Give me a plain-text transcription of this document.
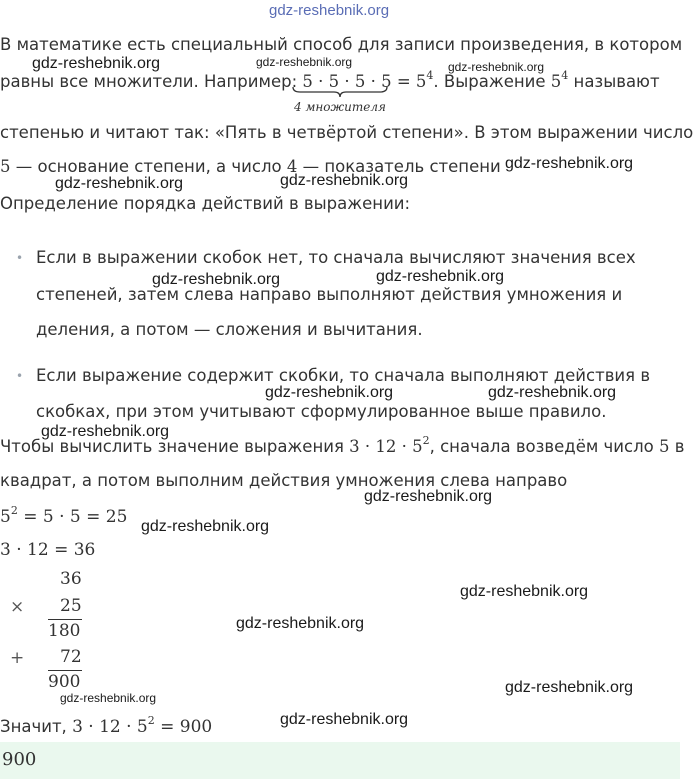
gdz-reshebnik.org
В математике есть специальный способ для записи произведения, в котором
равны все множители. Например: $5 \cdot 5 \cdot 5 \cdot 5 = 5^4$. Выражение $5^4$ называют
4 множителя
степенью и читают так: «Пять в четвёртой степени». В этом выражении число
5 — основание степени, а число 4 — показатель степени
Определение порядка действий в выражении:
• Если в выражении скобок нет, то сначала вычисляют значения всех
степеней, затем слева направо выполняют действия умножения и
деления, а потом — сложения и вычитания.
• Если выражение содержит скобки, то сначала выполняют действия в
скобках, при этом учитывают сформулированное выше правило.
Чтобы вычислить значение выражения $3 \cdot 12 \cdot 5^2$, сначала возведём число 5 в
квадрат, а потом выполним действия умножения слева направо
$5^2 = 5 \cdot 5 = 25$
3 · 12 = 36
36
× 25
180
+ 72
900
Значит, $3 \cdot 12 \cdot 5^2 = 900$
900
gdz-reshebnik.org	gdz-reshebnik.org	gdz-reshebnik.org
gdz-reshebnik.org
gdz-reshebnik.org	gdz-reshebnik.org
gdz-reshebnik.org	gdz-reshebnik.org
gdz-reshebnik.org	gdz-reshebnik.org
gdz-reshebnik.org
gdz-reshebnik.org
gdz-reshebnik.org
gdz-reshebnik.org
gdz-reshebnik.org
gdz-reshebnik.org
gdz-reshebnik.org
gdz-reshebnik.org
